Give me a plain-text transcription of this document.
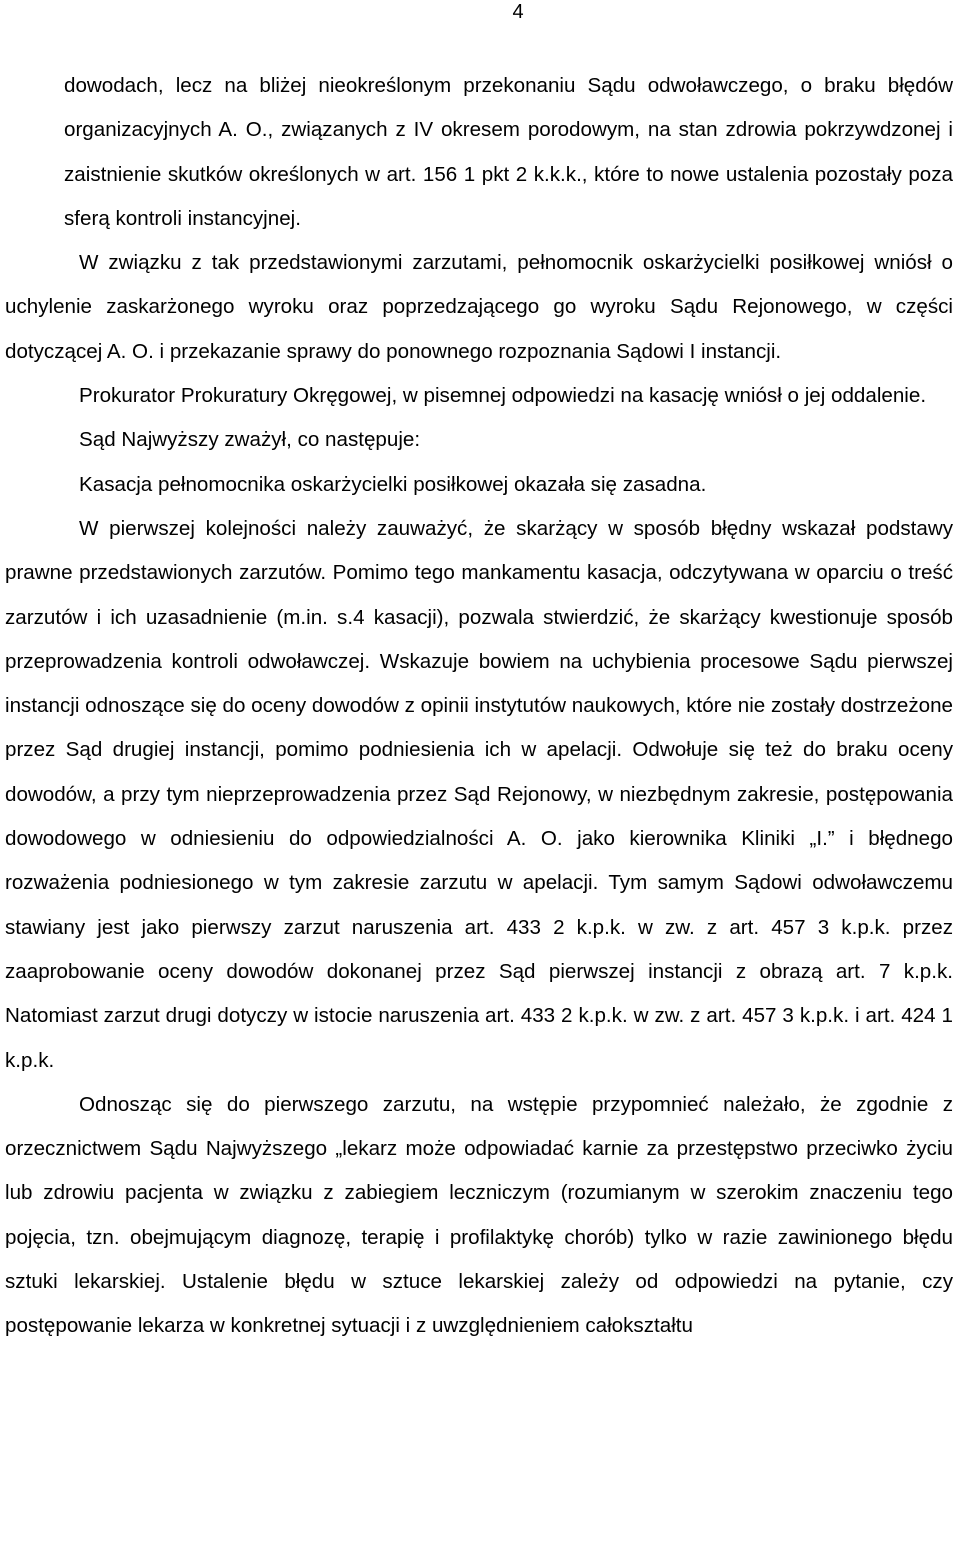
4

dowodach, lecz na bliżej nieokreślonym przekonaniu Sądu odwoławczego, o braku błędów organizacyjnych A. O., związanych z IV okresem porodowym, na stan zdrowia pokrzywdzonej i zaistnienie skutków określonych w art. 156 1 pkt 2 k.k.k., które to nowe ustalenia pozostały poza sferą kontroli instancyjnej.

W związku z tak przedstawionymi zarzutami, pełnomocnik oskarżycielki posiłkowej wniósł o uchylenie zaskarżonego wyroku oraz poprzedzającego go wyroku Sądu Rejonowego, w części dotyczącej A. O. i przekazanie sprawy do ponownego rozpoznania Sądowi I instancji.

Prokurator Prokuratury Okręgowej, w pisemnej odpowiedzi na kasację wniósł o jej oddalenie.

Sąd Najwyższy zważył, co następuje:

Kasacja pełnomocnika oskarżycielki posiłkowej okazała się zasadna.

W pierwszej kolejności należy zauważyć, że skarżący w sposób błędny wskazał podstawy prawne przedstawionych zarzutów. Pomimo tego mankamentu kasacja, odczytywana w oparciu o treść zarzutów i ich uzasadnienie (m.in. s.4 kasacji), pozwala stwierdzić, że skarżący kwestionuje sposób przeprowadzenia kontroli odwoławczej. Wskazuje bowiem na uchybienia procesowe Sądu pierwszej instancji odnoszące się do oceny dowodów z opinii instytutów naukowych, które nie zostały dostrzeżone przez Sąd drugiej instancji, pomimo podniesienia ich w apelacji. Odwołuje się też do braku oceny dowodów, a przy tym nieprzeprowadzenia przez Sąd Rejonowy, w niezbędnym zakresie, postępowania dowodowego w odniesieniu do odpowiedzialności A. O. jako kierownika Kliniki „I.” i błędnego rozważenia podniesionego w tym zakresie zarzutu w apelacji. Tym samym Sądowi odwoławczemu stawiany jest jako pierwszy zarzut naruszenia art. 433 2 k.p.k. w zw. z art. 457 3 k.p.k. przez zaaprobowanie oceny dowodów dokonanej przez Sąd pierwszej instancji z obrazą art. 7 k.p.k. Natomiast zarzut drugi dotyczy w istocie naruszenia art. 433 2 k.p.k. w zw. z art. 457 3 k.p.k. i art. 424 1 k.p.k.

Odnosząc się do pierwszego zarzutu, na wstępie przypomnieć należało, że zgodnie z orzecznictwem Sądu Najwyższego „lekarz może odpowiadać karnie za przestępstwo przeciwko życiu lub zdrowiu pacjenta w związku z zabiegiem leczniczym (rozumianym w szerokim znaczeniu tego pojęcia, tzn. obejmującym diagnozę, terapię i profilaktykę chorób) tylko w razie zawinionego błędu sztuki lekarskiej. Ustalenie błędu w sztuce lekarskiej zależy od odpowiedzi na pytanie, czy postępowanie lekarza w konkretnej sytuacji i z uwzględnieniem całokształtu
